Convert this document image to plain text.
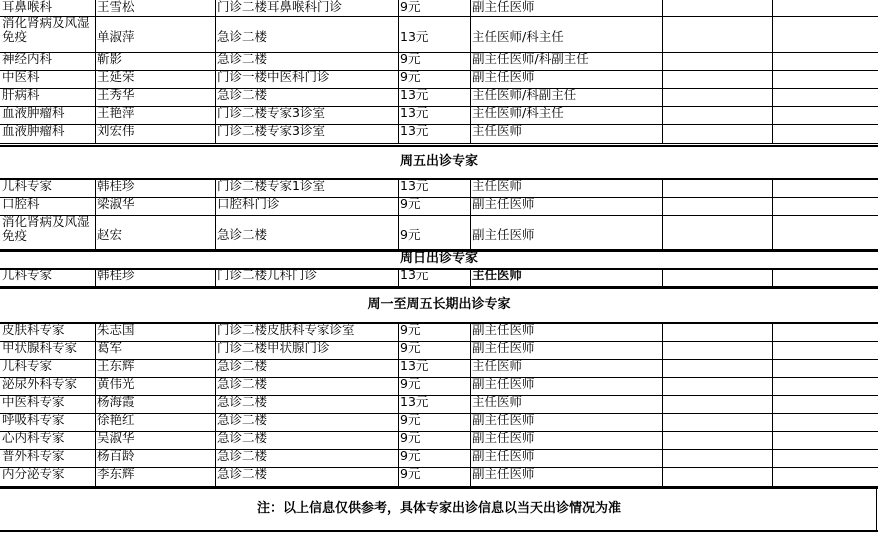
耳鼻喉科	王雪松	门诊二楼耳鼻喉科门诊	9元	副主任医师
消化肾病及风湿免疫	单淑萍	急诊二楼	13元	主任医师/科主任
神经内科	靳影	急诊二楼	9元	副主任医师/科副主任
中医科	王延荣	门诊一楼中医科门诊	9元	副主任医师
肝病科	王秀华	急诊二楼	13元	主任医师/科副主任
血液肿瘤科	王艳萍	门诊二楼专家3诊室	13元	主任医师/科主任
血液肿瘤科	刘宏伟	门诊二楼专家3诊室	13元	主任医师
周五出诊专家
儿科专家	韩桂珍	门诊二楼专家1诊室	13元	主任医师
口腔科	梁淑华	口腔科门诊	9元	副主任医师
消化肾病及风湿免疫	赵宏	急诊二楼	9元	副主任医师
周日出诊专家
儿科专家	韩桂珍	门诊二楼儿科门诊	13元	主任医师
周一至周五长期出诊专家
皮肤科专家	朱志国	门诊二楼皮肤科专家诊室	9元	副主任医师
甲状腺科专家	葛军	门诊二楼甲状腺门诊	9元	副主任医师
儿科专家	王东辉	急诊二楼	13元	主任医师
泌尿外科专家	黄伟光	急诊二楼	9元	副主任医师
中医科专家	杨海霞	急诊二楼	13元	主任医师
呼吸科专家	徐艳红	急诊二楼	9元	副主任医师
心内科专家	吴淑华	急诊二楼	9元	副主任医师
普外科专家	杨百龄	急诊二楼	9元	副主任医师
内分泌专家	李东辉	急诊二楼	9元	副主任医师
注：以上信息仅供参考，具体专家出诊信息以当天出诊情况为准
